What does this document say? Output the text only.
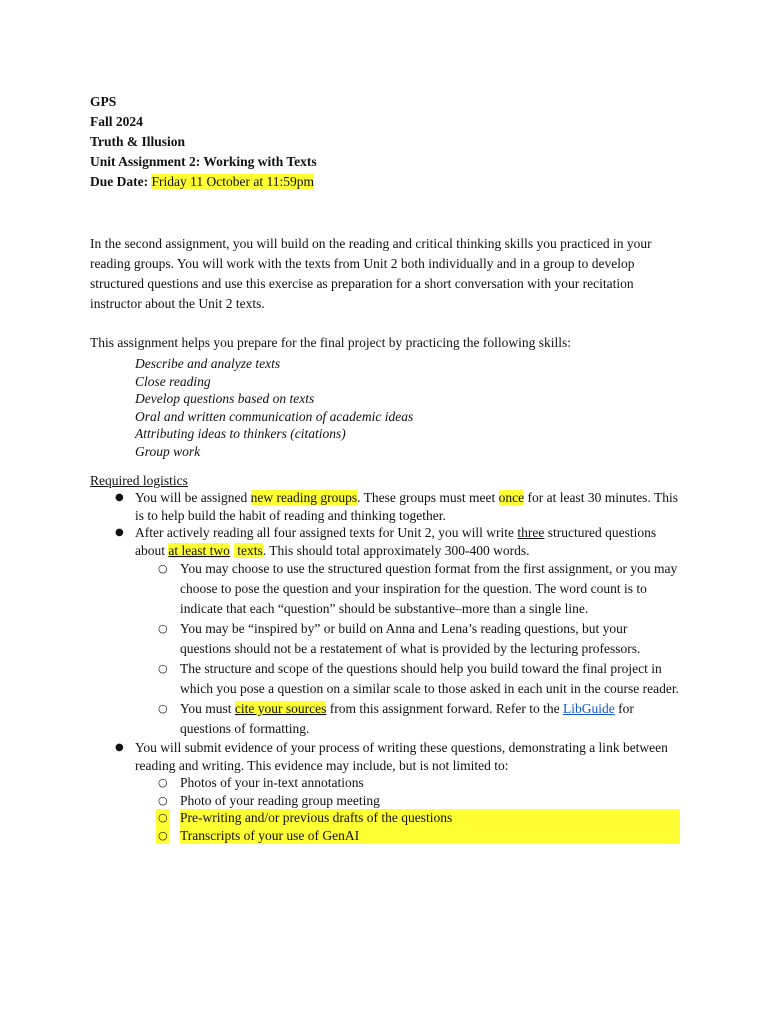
GPS
Fall 2024
Truth & Illusion
Unit Assignment 2: Working with Texts
Due Date: Friday 11 October at 11:59pm

In the second assignment, you will build on the reading and critical thinking skills you practiced in your reading groups. You will work with the texts from Unit 2 both individually and in a group to develop structured questions and use this exercise as preparation for a short conversation with your recitation instructor about the Unit 2 texts.

This assignment helps you prepare for the final project by practicing the following skills:

Describe and analyze texts
Close reading
Develop questions based on texts
Oral and written communication of academic ideas
Attributing ideas to thinkers (citations)
Group work
Required logistics
● You will be assigned new reading groups. These groups must meet once for at least 30 minutes. This is to help build the habit of reading and thinking together.
● After actively reading all four assigned texts for Unit 2, you will write three structured questions about at least two texts. This should total approximately 300-400 words.
○ You may choose to use the structured question format from the first assignment, or you may choose to pose the question and your inspiration for the question. The word count is to indicate that each “question” should be substantive–more than a single line.
○ You may be “inspired by” or build on Anna and Lena’s reading questions, but your questions should not be a restatement of what is provided by the lecturing professors.
○ The structure and scope of the questions should help you build toward the final project in which you pose a question on a similar scale to those asked in each unit in the course reader.
○ You must cite your sources from this assignment forward. Refer to the LibGuide for questions of formatting.
● You will submit evidence of your process of writing these questions, demonstrating a link between reading and writing. This evidence may include, but is not limited to:
○ Photos of your in-text annotations
○ Photo of your reading group meeting
○ Pre-writing and/or previous drafts of the questions
○ Transcripts of your use of GenAI
